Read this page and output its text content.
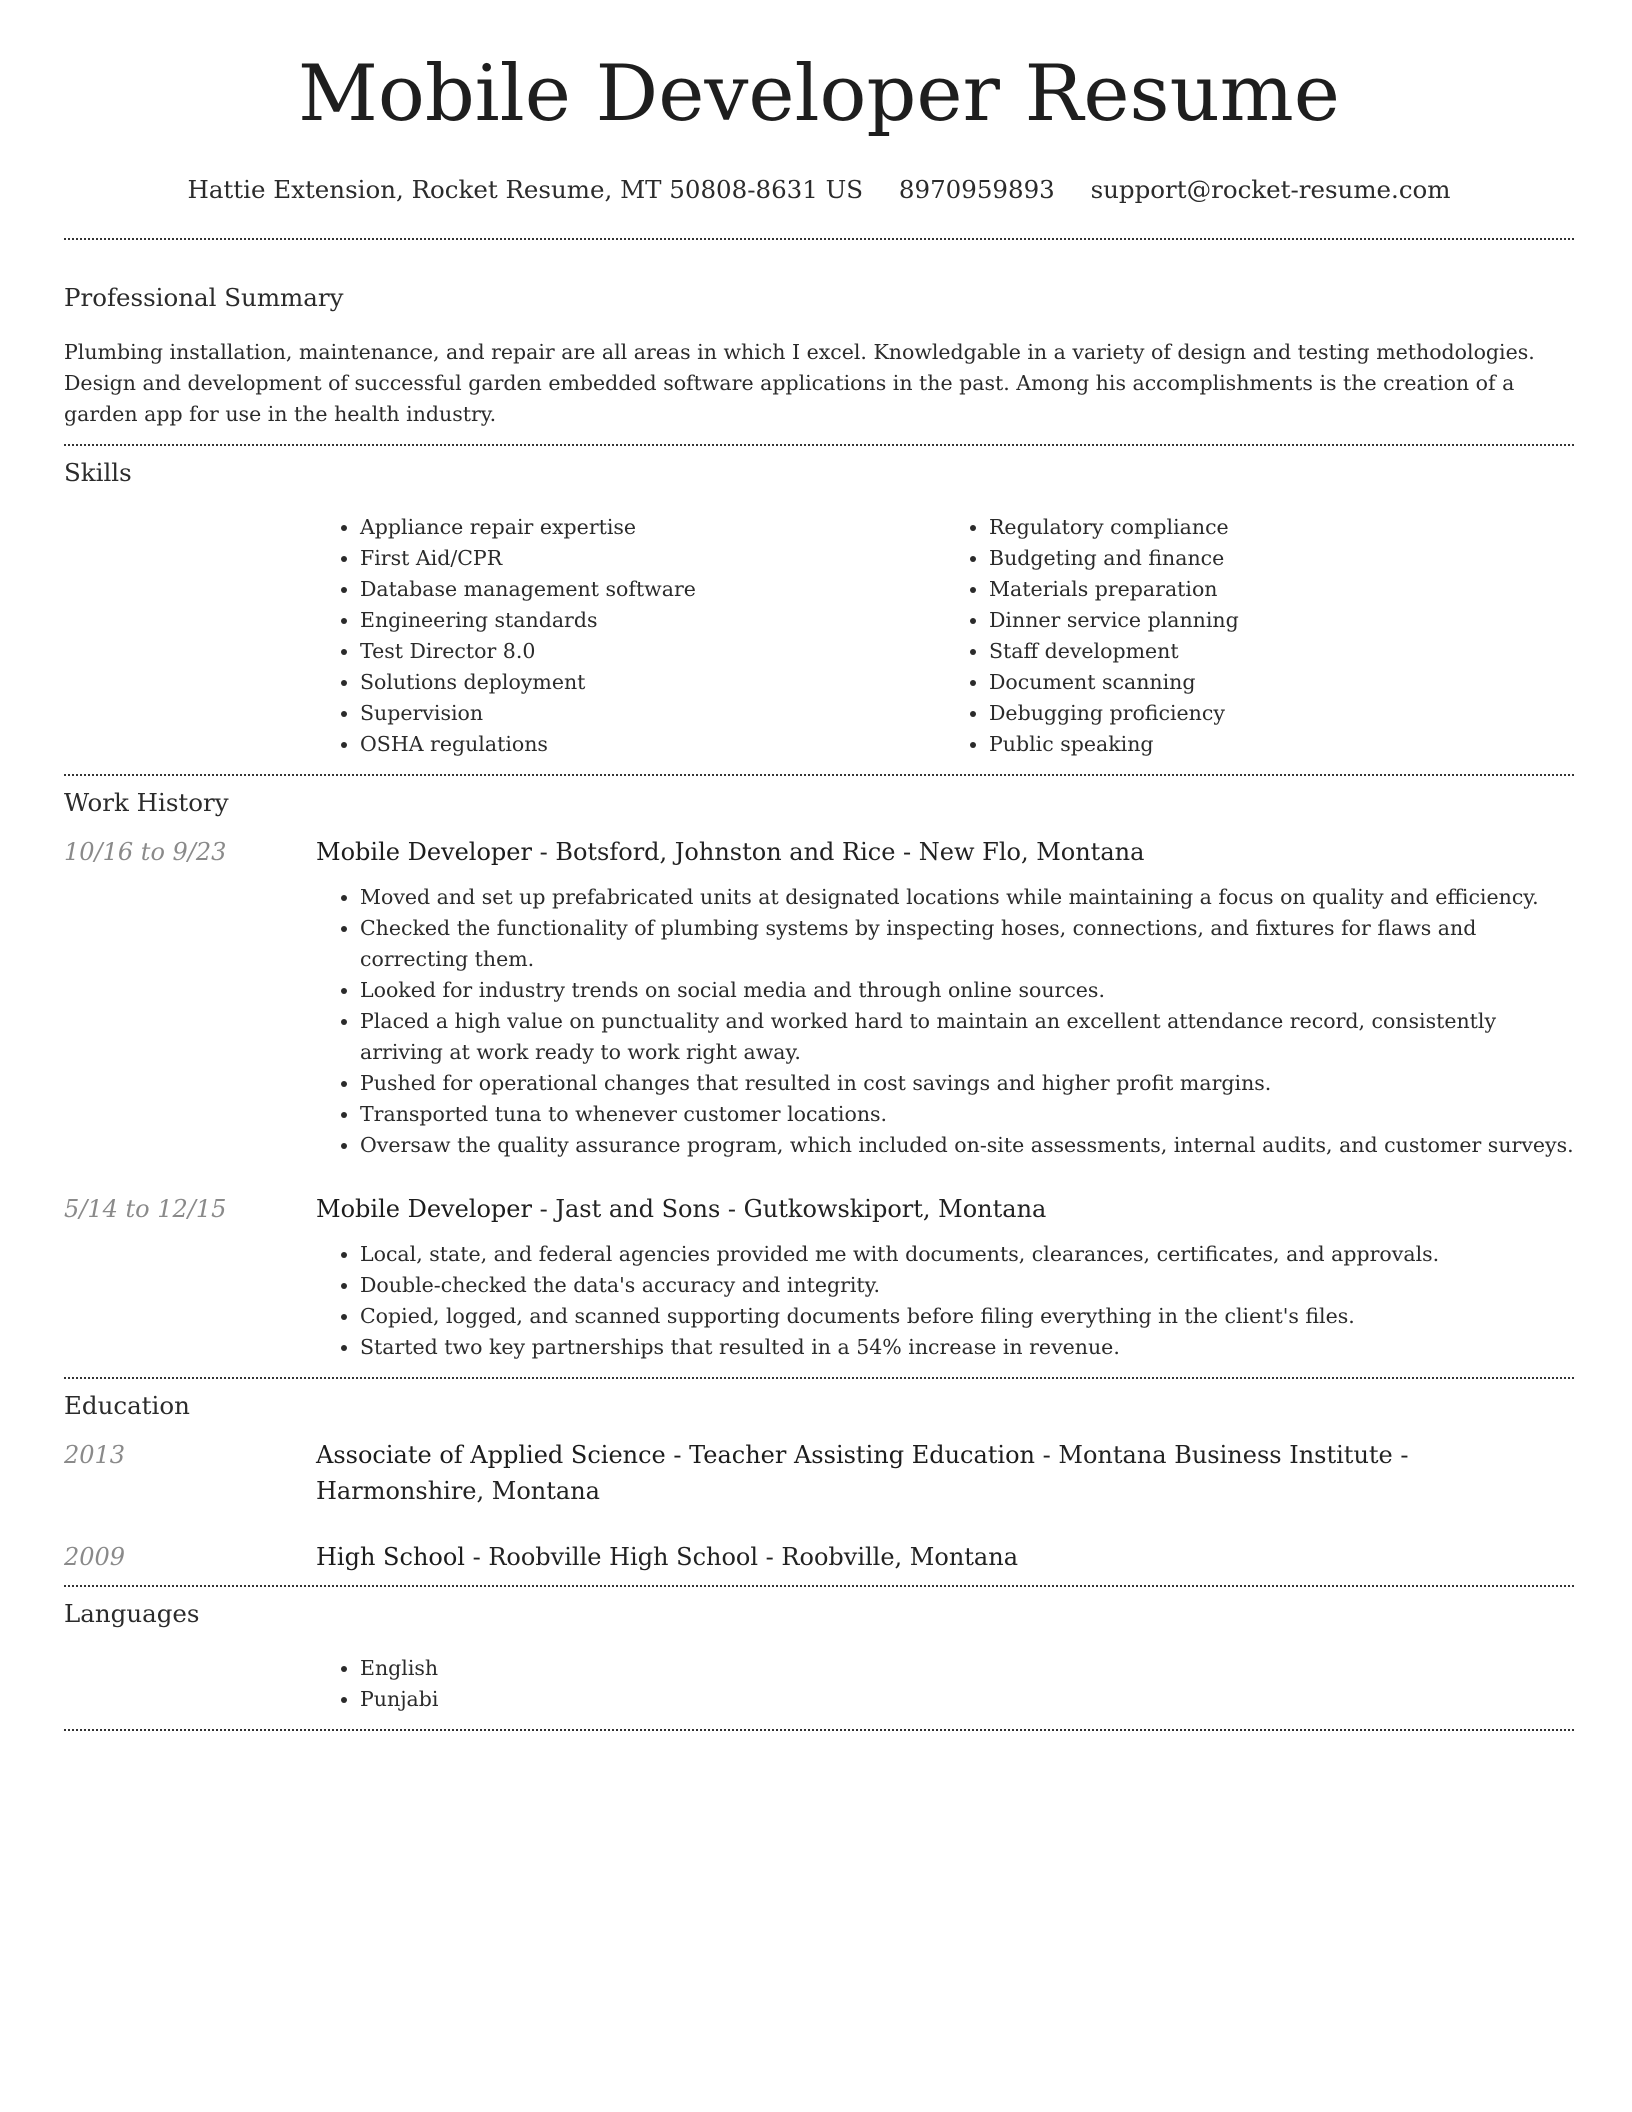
Mobile Developer Resume
Hattie Extension, Rocket Resume, MT 50808-8631 US 8970959893 support@rocket-resume.com
Professional Summary

Plumbing installation, maintenance, and repair are all areas in which I excel. Knowledgable in a variety of design and testing methodologies. Design and development of successful garden embedded software applications in the past. Among his accomplishments is the creation of a garden app for use in the health industry.

Skills
• Appliance repair expertise
• First Aid/CPR
• Database management software
• Engineering standards
• Test Director 8.0
• Solutions deployment
• Supervision
• OSHA regulations
• Regulatory compliance
• Budgeting and finance
• Materials preparation
• Dinner service planning
• Staff development
• Document scanning
• Debugging proficiency
• Public speaking
Work History
10/16 to 9/23	Mobile Developer - Botsford, Johnston and Rice - New Flo, Montana
• Moved and set up prefabricated units at designated locations while maintaining a focus on quality and efficiency.
• Checked the functionality of plumbing systems by inspecting hoses, connections, and fixtures for flaws and correcting them.
• Looked for industry trends on social media and through online sources.
• Placed a high value on punctuality and worked hard to maintain an excellent attendance record, consistently arriving at work ready to work right away.
• Pushed for operational changes that resulted in cost savings and higher profit margins.
• Transported tuna to whenever customer locations.
• Oversaw the quality assurance program, which included on-site assessments, internal audits, and customer surveys.
5/14 to 12/15	Mobile Developer - Jast and Sons - Gutkowskiport, Montana
• Local, state, and federal agencies provided me with documents, clearances, certificates, and approvals.
• Double-checked the data's accuracy and integrity.
• Copied, logged, and scanned supporting documents before filing everything in the client's files.
• Started two key partnerships that resulted in a 54% increase in revenue.
Education
2013	Associate of Applied Science - Teacher Assisting Education - Montana Business Institute - Harmonshire, Montana
2009	High School - Roobville High School - Roobville, Montana
Languages
• English
• Punjabi
